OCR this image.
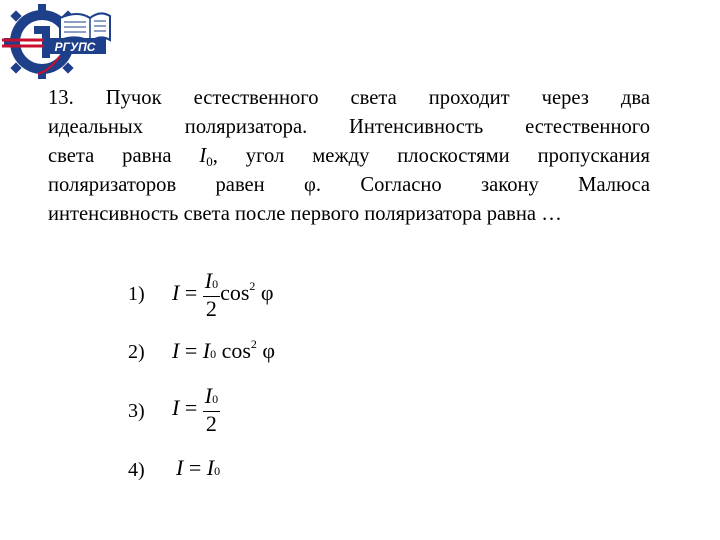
РГУПС
13. Пучок естественного света проходит через два
идеальных поляризатора. Интенсивность естественного
света равна $I_0$, угол между плоскостями пропускания
поляризаторов равен φ. Согласно закону Малюса
интенсивность света после первого поляризатора равна …
1) $I = \frac{I0}{2} \cos^2 \varphi$
2) I = I0 $\cos^2 \varphi$
3) $I = \frac{I0}{2}$
4) I = I0
